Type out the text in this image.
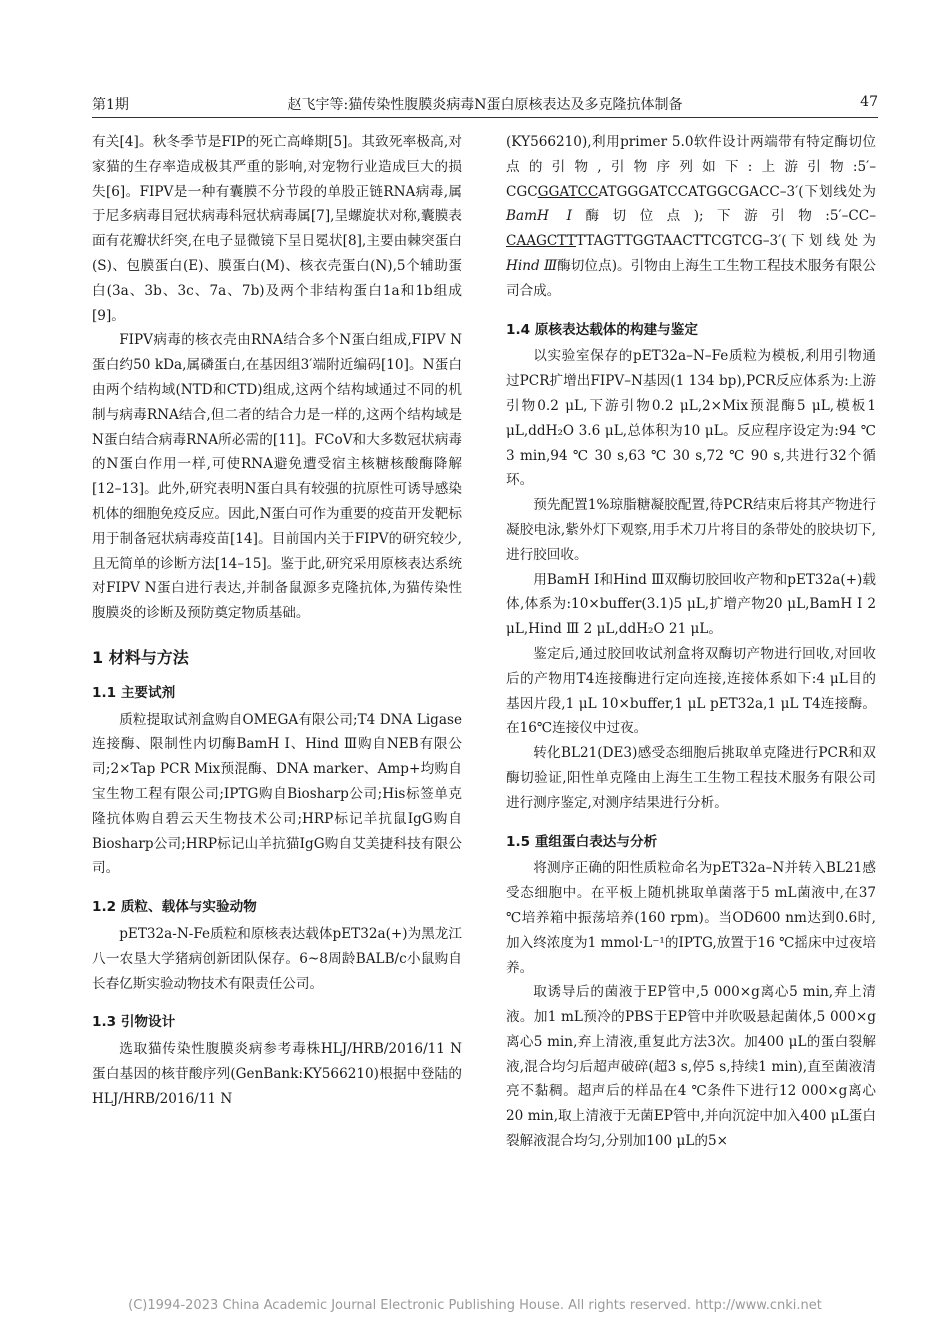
第1期	赵飞宇等:猫传染性腹膜炎病毒N蛋白原核表达及多克隆抗体制备	47

有关[4]。秋冬季节是FIP的死亡高峰期[5]。其致死率极高,对家猫的生存率造成极其严重的影响,对宠物行业造成巨大的损失[6]。FIPV是一种有囊膜不分节段的单股正链RNA病毒,属于尼多病毒目冠状病毒科冠状病毒属[7],呈螺旋状对称,囊膜表面有花瓣状纤突,在电子显微镜下呈日冕状[8],主要由棘突蛋白(S)、包膜蛋白(E)、膜蛋白(M)、核衣壳蛋白(N),5个辅助蛋白(3a、3b、3c、7a、7b)及两个非结构蛋白1a和1b组成[9]。

FIPV病毒的核衣壳由RNA结合多个N蛋白组成,FIPV N蛋白约50 kDa,属磷蛋白,在基因组3′端附近编码[10]。N蛋白由两个结构域(NTD和CTD)组成,这两个结构域通过不同的机制与病毒RNA结合,但二者的结合力是一样的,这两个结构域是N蛋白结合病毒RNA所必需的[11]。FCoV和大多数冠状病毒的N蛋白作用一样,可使RNA避免遭受宿主核糖核酸酶降解[12–13]。此外,研究表明N蛋白具有较强的抗原性可诱导感染机体的细胞免疫反应。因此,N蛋白可作为重要的疫苗开发靶标用于制备冠状病毒疫苗[14]。目前国内关于FIPV的研究较少,且无简单的诊断方法[14–15]。鉴于此,研究采用原核表达系统对FIPV N蛋白进行表达,并制备鼠源多克隆抗体,为猫传染性腹膜炎的诊断及预防奠定物质基础。

1 材料与方法
1.1 主要试剂

质粒提取试剂盒购自OMEGA有限公司;T4 DNA Ligase连接酶、限制性内切酶BamH Ⅰ、Hind Ⅲ购自NEB有限公司;2×Tap PCR Mix预混酶、DNA marker、Amp+均购自宝生物工程有限公司;IPTG购自Biosharp公司;His标签单克隆抗体购自碧云天生物技术公司;HRP标记羊抗鼠IgG购自Biosharp公司;HRP标记山羊抗猫IgG购自艾美捷科技有限公司。

1.2 质粒、载体与实验动物

pET32a-N-Fe质粒和原核表达载体pET32a(+)为黑龙江八一农垦大学猪病创新团队保存。6~8周龄BALB/c小鼠购自长春亿斯实验动物技术有限责任公司。

1.3 引物设计

选取猫传染性腹膜炎病参考毒株HLJ/HRB/2016/11 N蛋白基因的核苷酸序列(GenBank:KY566210)根据中登陆的HLJ/HRB/2016/11 N

(KY566210),利用primer 5.0软件设计两端带有特定酶切位点的引物,引物序列如下:上游引物:5′–CGCGGATCCATGGGATCCATGGCGACC–3′(下划线处为BamH Ⅰ酶切位点);下游引物:5′–CC–CAAGCTTTTAGTTGGTAACTTCGTCG–3′(下划线处为Hind Ⅲ酶切位点)。引物由上海生工生物工程技术服务有限公司合成。

1.4 原核表达载体的构建与鉴定

以实验室保存的pET32a–N–Fe质粒为模板,利用引物通过PCR扩增出FIPV–N基因(1 134 bp),PCR反应体系为:上游引物0.2 μL,下游引物0.2 μL,2×Mix预混酶5 μL,模板1 μL,ddH₂O 3.6 μL,总体积为10 μL。反应程序设定为:94 ℃ 3 min,94 ℃ 30 s,63 ℃ 30 s,72 ℃ 90 s,共进行32个循环。

预先配置1%琼脂糖凝胶配置,待PCR结束后将其产物进行凝胶电泳,紫外灯下观察,用手术刀片将目的条带处的胶块切下,进行胶回收。

用BamH Ⅰ和Hind Ⅲ双酶切胶回收产物和pET32a(+)载体,体系为:10×buffer(3.1)5 μL,扩增产物20 μL,BamH Ⅰ 2 μL,Hind Ⅲ 2 μL,ddH₂O 21 μL。

鉴定后,通过胶回收试剂盒将双酶切产物进行回收,对回收后的产物用T4连接酶进行定向连接,连接体系如下:4 μL目的基因片段,1 μL 10×buffer,1 μL pET32a,1 μL T4连接酶。在16℃连接仪中过夜。

转化BL21(DE3)感受态细胞后挑取单克隆进行PCR和双酶切验证,阳性单克隆由上海生工生物工程技术服务有限公司进行测序鉴定,对测序结果进行分析。

1.5 重组蛋白表达与分析

将测序正确的阳性质粒命名为pET32a–N并转入BL21感受态细胞中。在平板上随机挑取单菌落于5 mL菌液中,在37 ℃培养箱中振荡培养(160 rpm)。当OD600 nm达到0.6时,加入终浓度为1 mmol·L⁻¹的IPTG,放置于16 ℃摇床中过夜培养。

取诱导后的菌液于EP管中,5 000×g离心5 min,弃上清液。加1 mL预冷的PBS于EP管中并吹吸悬起菌体,5 000×g离心5 min,弃上清液,重复此方法3次。加400 μL的蛋白裂解液,混合均匀后超声破碎(超3 s,停5 s,持续1 min),直至菌液清亮不黏稠。超声后的样品在4 ℃条件下进行12 000×g离心20 min,取上清液于无菌EP管中,并向沉淀中加入400 μL蛋白裂解液混合均匀,分别加100 μL的5×

(C)1994-2023 China Academic Journal Electronic Publishing House. All rights reserved. http://www.cnki.net
